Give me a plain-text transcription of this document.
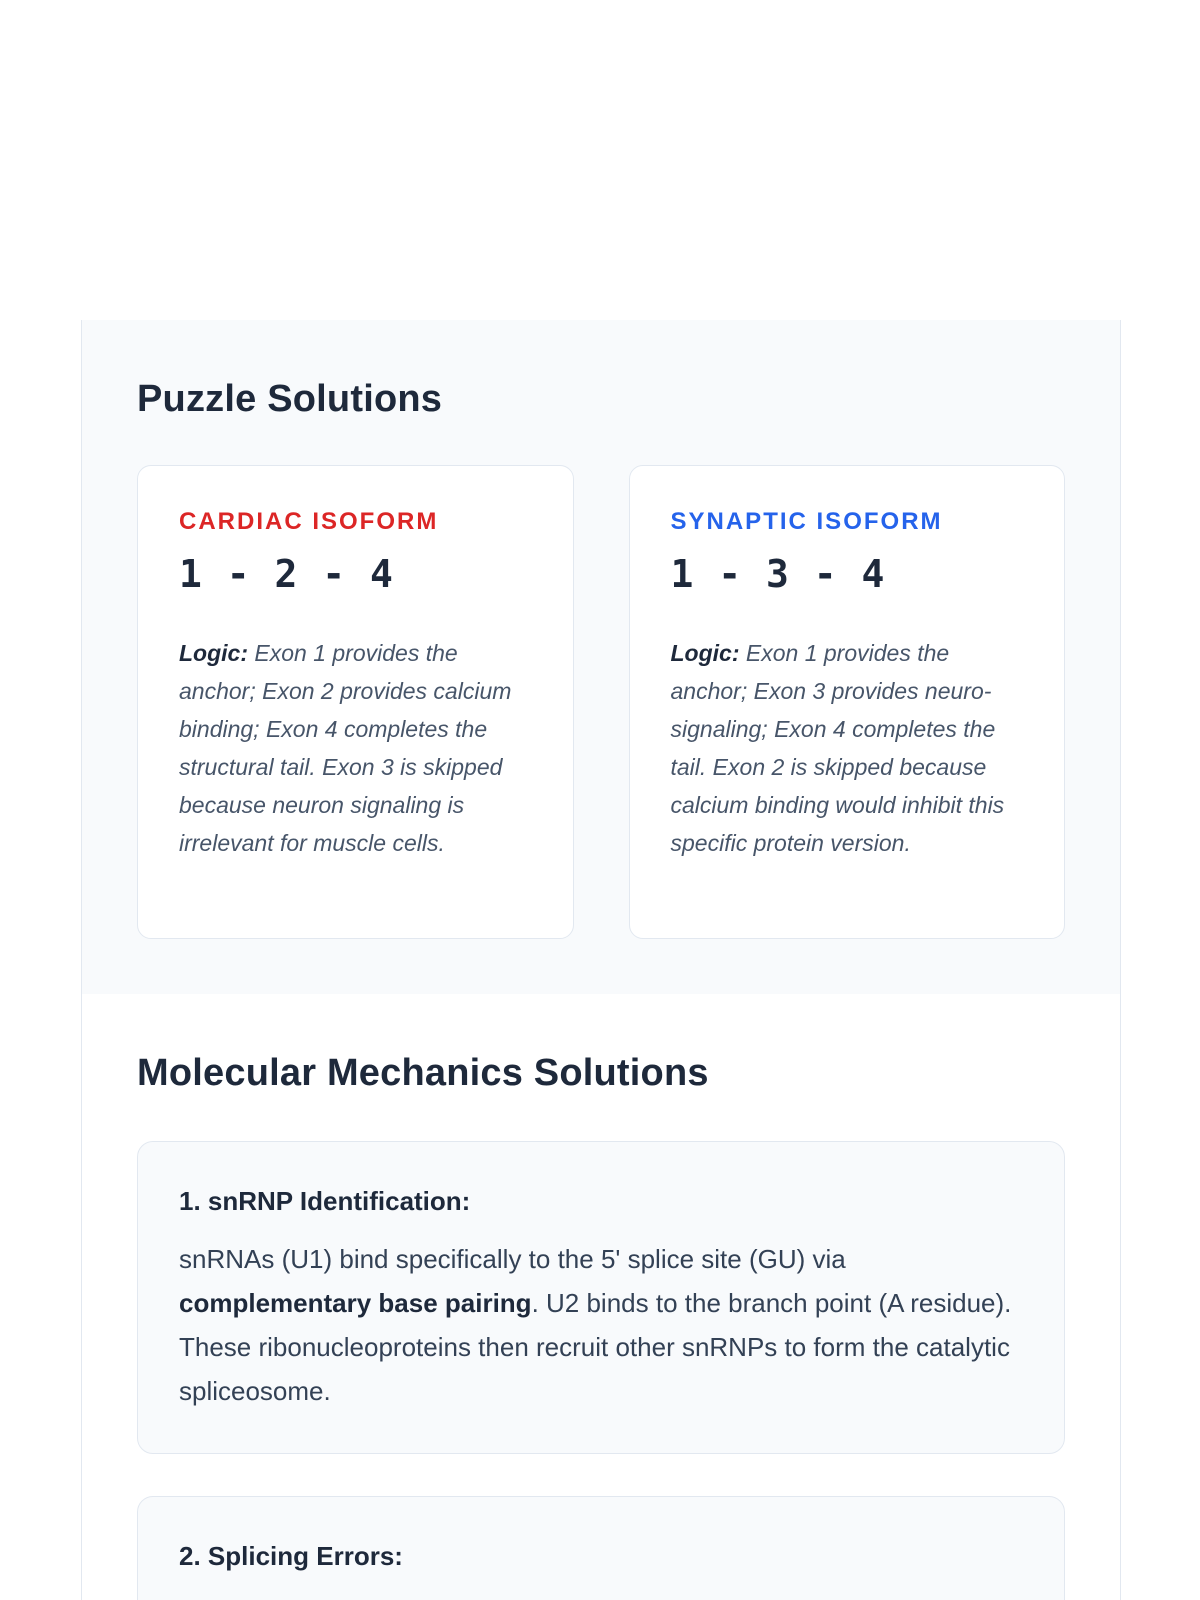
Puzzle Solutions
CARDIAC ISOFORM
1 - 2 - 4

Logic: Exon 1 provides the anchor; Exon 2 provides calcium binding; Exon 4 completes the structural tail. Exon 3 is skipped because neuron signaling is irrelevant for muscle cells.

SYNAPTIC ISOFORM
1 - 3 - 4

Logic: Exon 1 provides the anchor; Exon 3 provides neuro-signaling; Exon 4 completes the tail. Exon 2 is skipped because calcium binding would inhibit this specific protein version.

Molecular Mechanics Solutions
1. snRNP Identification:

snRNAs (U1) bind specifically to the 5' splice site (GU) via complementary base pairing. U2 binds to the branch point (A residue). These ribonucleoproteins then recruit other snRNPs to form the catalytic spliceosome.

2. Splicing Errors:
